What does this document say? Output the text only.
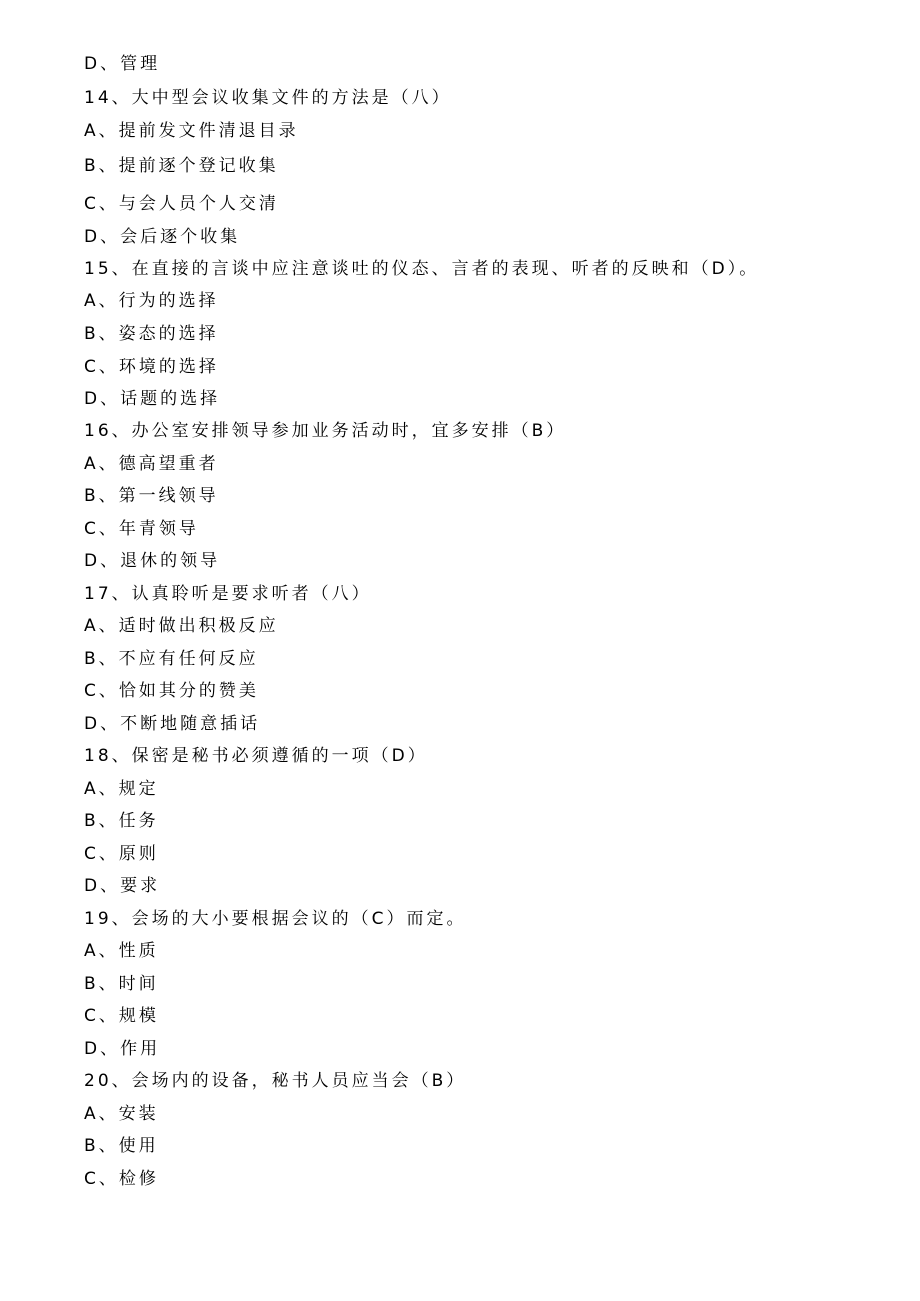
D、管理
14、大中型会议收集文件的方法是（八）
A、提前发文件清退目录
B、提前逐个登记收集
C、与会人员个人交清
D、会后逐个收集
15、在直接的言谈中应注意谈吐的仪态、言者的表现、听者的反映和（D）。
A、行为的选择
B、姿态的选择
C、环境的选择
D、话题的选择
16、办公室安排领导参加业务活动时，宜多安排（B）
A、德高望重者
B、第一线领导
C、年青领导
D、退休的领导
17、认真聆听是要求听者（八）
A、适时做出积极反应
B、不应有任何反应
C、恰如其分的赞美
D、不断地随意插话
18、保密是秘书必须遵循的一项（D）
A、规定
B、任务
C、原则
D、要求
19、会场的大小要根据会议的（C）而定。
A、性质
B、时间
C、规模
D、作用
20、会场内的设备，秘书人员应当会（B）
A、安装
B、使用
C、检修
